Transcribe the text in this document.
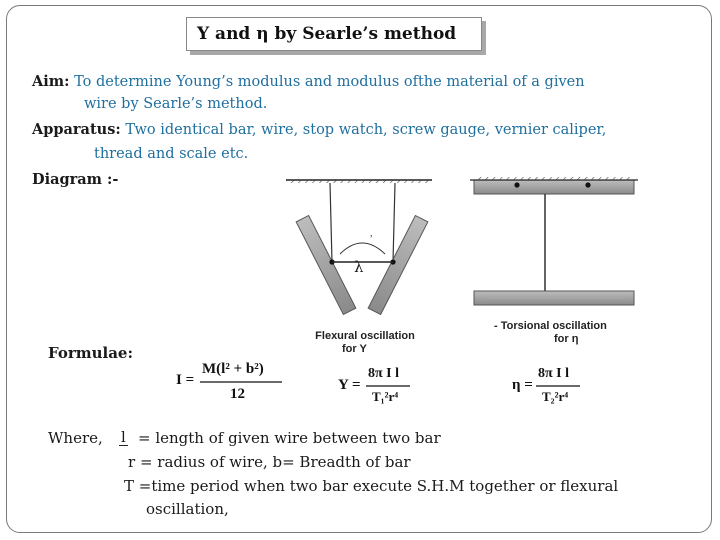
Y and η by Searle’s method
Aim: To determine Young’s modulus and modulus ofthe material of a given
wire by Searle’s method.
Apparatus: Two identical bar, wire, stop watch, screw gauge, vernier caliper,
thread and scale etc.
Diagram :-
,
λ
Flexural oscillation
for Y
- Torsional oscillation
for η
Formulae:
I =
M(l² + b²)
12
Y =
8π I l
T₁²r⁴
η =
8π I l
T₂²r⁴
Where, l = length of given wire between two bar
r = radius of wire, b= Breadth of bar
T =time period when two bar execute S.H.M together or flexural
oscillation,
